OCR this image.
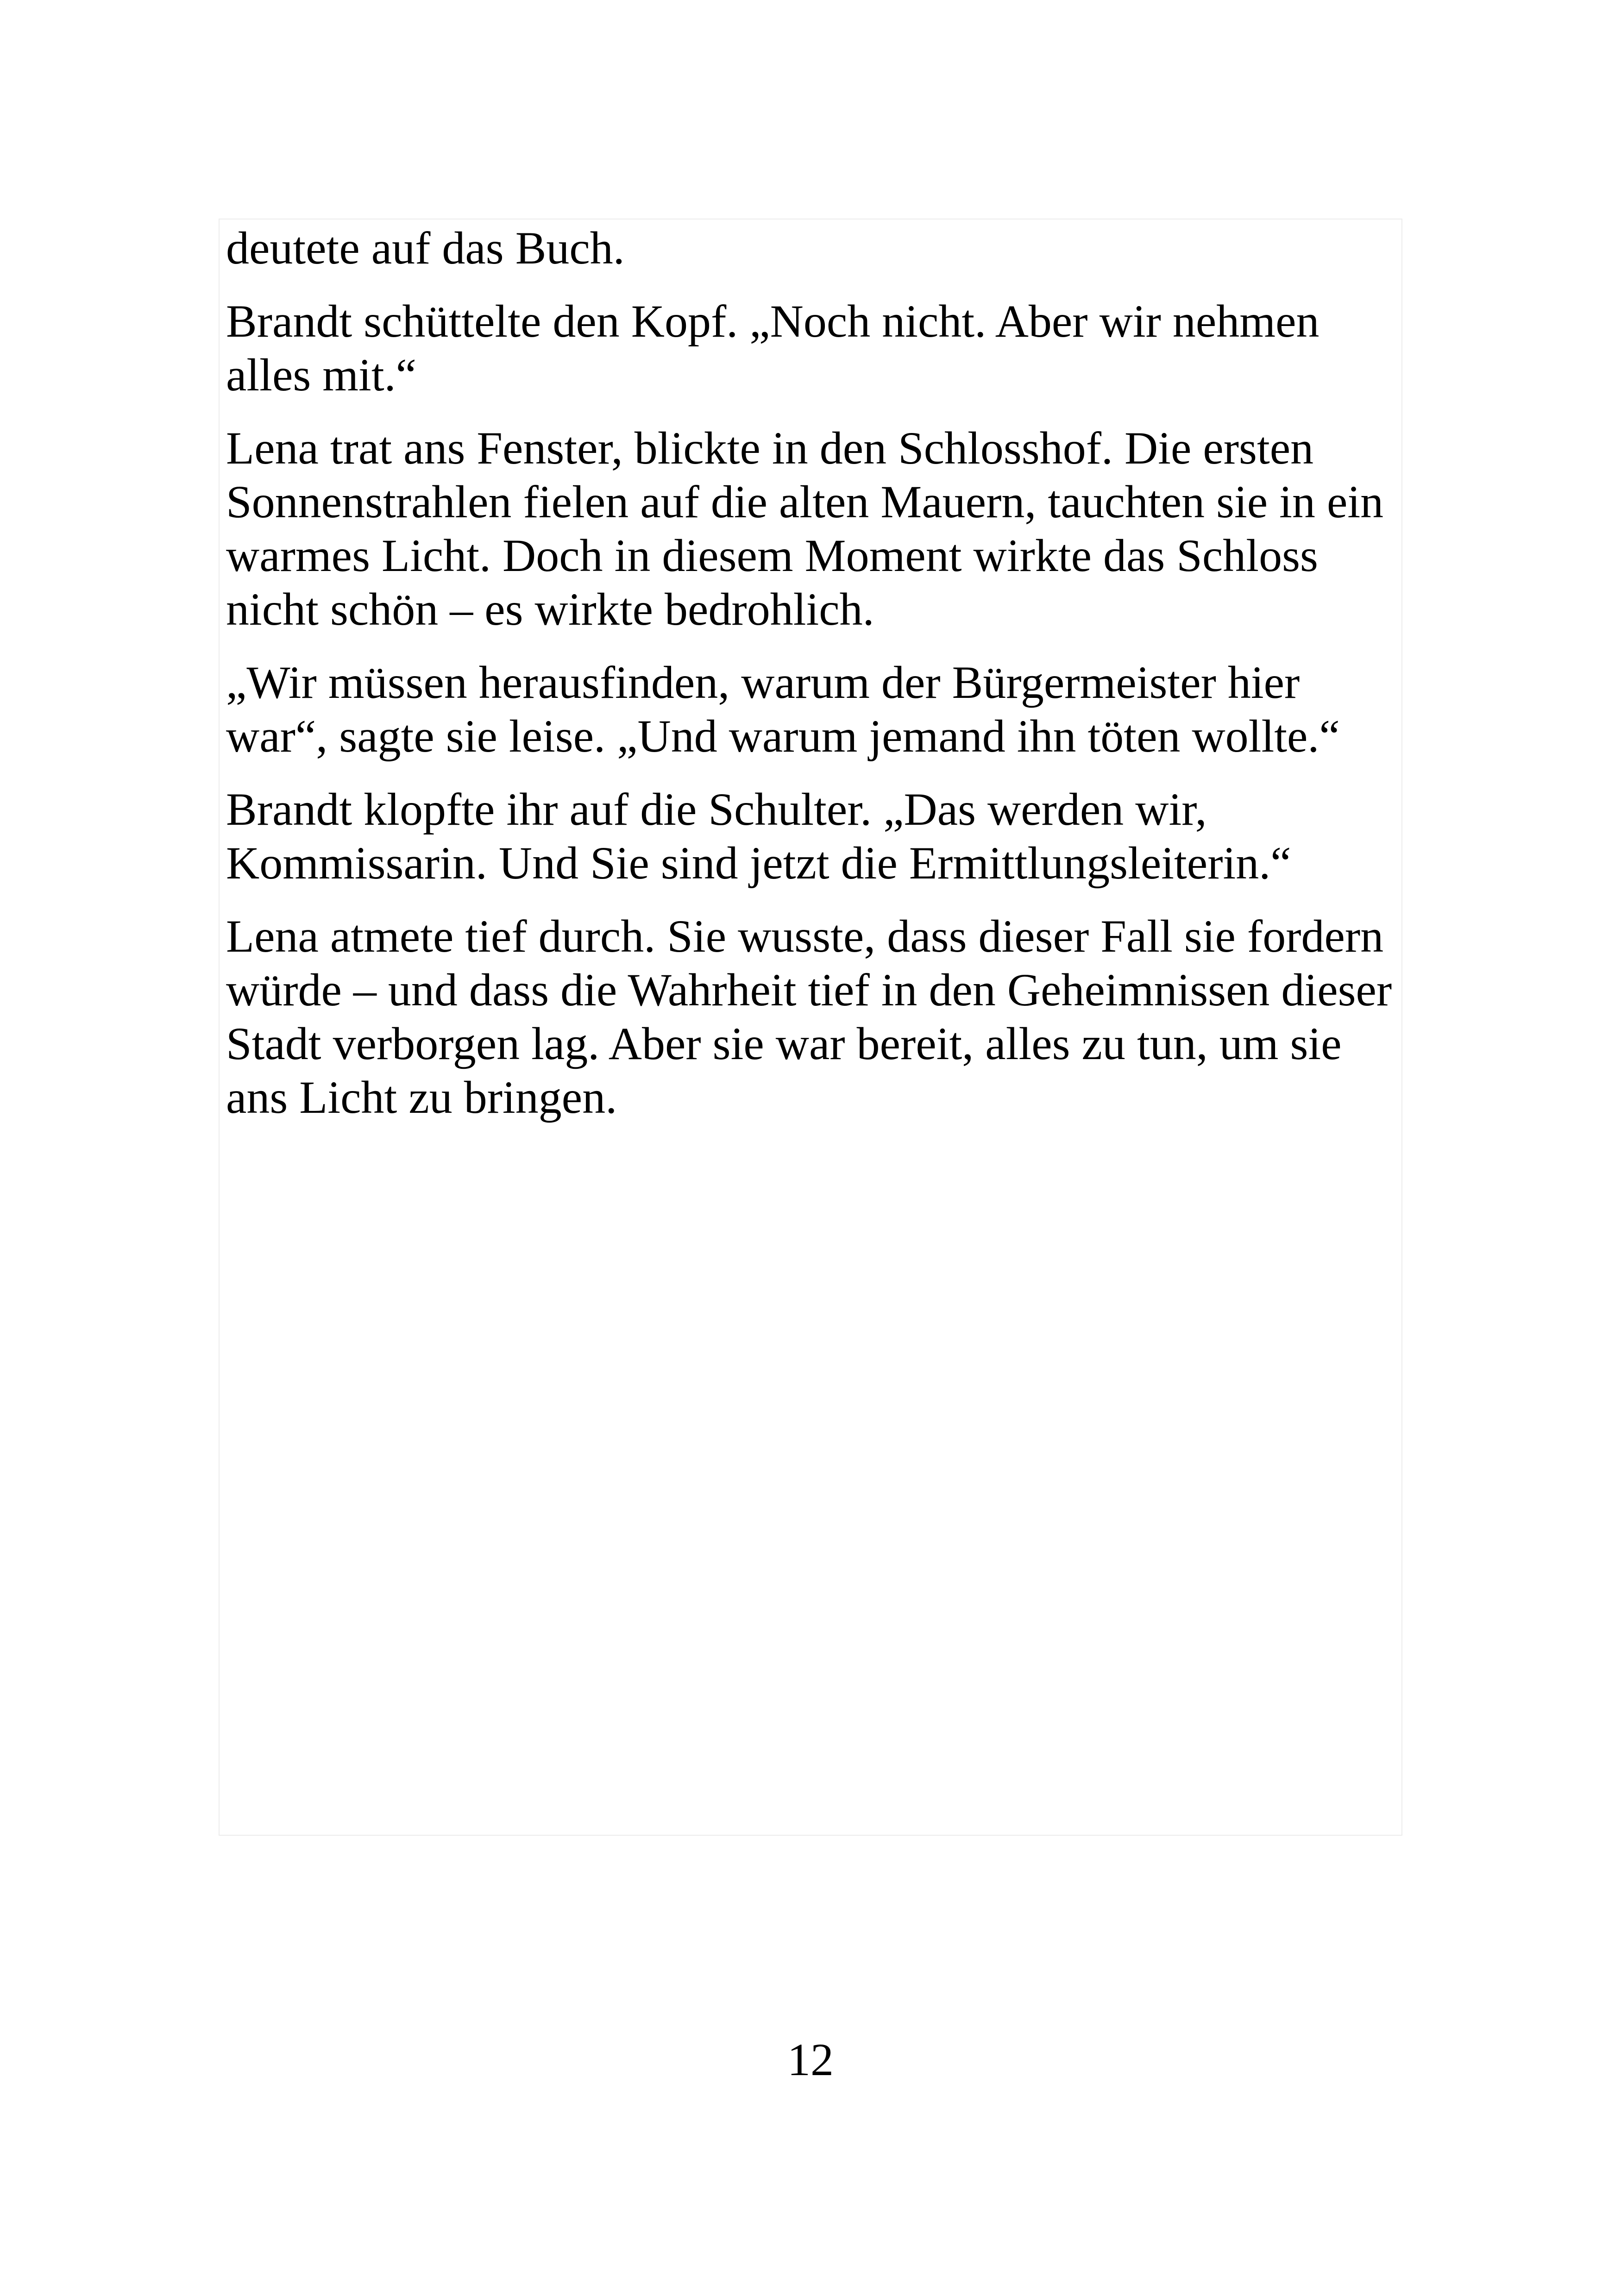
deutete auf das Buch.

Brandt schüttelte den Kopf. „Noch nicht. Aber wir nehmen
alles mit.“

Lena trat ans Fenster, blickte in den Schlosshof. Die ersten
Sonnenstrahlen fielen auf die alten Mauern, tauchten sie in ein
warmes Licht. Doch in diesem Moment wirkte das Schloss
nicht schön – es wirkte bedrohlich.

„Wir müssen herausfinden, warum der Bürgermeister hier
war“, sagte sie leise. „Und warum jemand ihn töten wollte.“

Brandt klopfte ihr auf die Schulter. „Das werden wir,
Kommissarin. Und Sie sind jetzt die Ermittlungsleiterin.“

Lena atmete tief durch. Sie wusste, dass dieser Fall sie fordern
würde – und dass die Wahrheit tief in den Geheimnissen dieser
Stadt verborgen lag. Aber sie war bereit, alles zu tun, um sie
ans Licht zu bringen.

12
